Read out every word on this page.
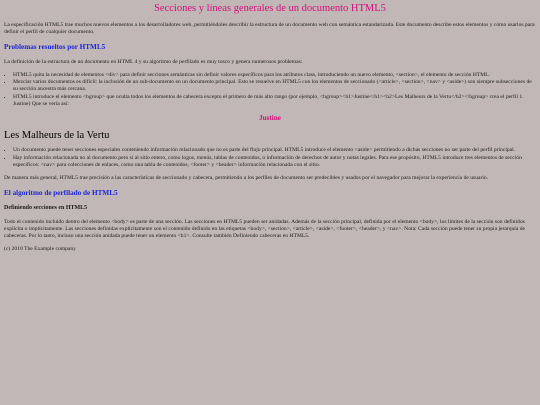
Secciones y líneas generales de un documento HTML5

La especificación HTML5 trae muchos nuevos elementos a los desarrolladores web, permitiéndoles describir la estructura de un documento web con semántica estandarizada. Este documento describe estos elementos y cómo usarlos para definir el perfil de cualquier documento.

Problemas resueltos por HTML5

La definición de la estructura de un documento en HTML 4 y su algoritmo de perfilado es muy tosco y genera numerosos problemas:

• HTML5 quita la necesidad de elementos <div> para definir secciones semánticas sin definir valores específicos para los atributos class, introduciendo un nuevo elemento, <section>, el elemento de sección HTML.
• Mezclar varios documentos es difícil: la inclusión de un sub-documento en un documento principal. Esto se resuelve en HTML5 con los elementos de seccionado (<article>, <section>, <nav> y <aside>) son siempre subsecciones de su sección ancestra más cercana.
• HTML5 introduce el elemento <hgroup> que oculta todos los elementos de cabecera excepto el primero de más alto rango (por ejemplo, <hgroup><h1>Justine</h1><h2>Les Malheurs de la Vertu</h2></hgroup> crea el perfil 1. Justine) Que se vería así:
Justine
Les Malheurs de la Vertu
• Un documento puede tener secciones especiales conteniendo información relacionado que no es parte del flujo principal. HTML5 introduce el elemento <aside> permitiendo a dichas secciones no ser parte del perfil principal.
• Hay información relacionada no al documento pero si al sitio entero, como logos, menús, tablas de contenidos, o información de derechos de autor y notas legales. Para ese propósito, HTML5 introduce tres elementos de sección específicos: <nav> para colecciones de enlaces, como una tabla de contenidos, <footer> y <header> información relacionada con el sitio.

De manera más general, HTML5 trae precisión a las características de seccionado y cabecera, permitiendo a los perfiles de documento ser predecibles y usados por el navegador para mejorar la experiencia de usuario.

El algoritmo de perfilado de HTML5
Definiendo secciones en HTML5

Todo el contenido incluido dentro del elemento <body> es parte de una sección. Las secciones en HTML5 pueden ser anidadas. Además de la sección principal, definida por el elemento <body>, los límites de la sección son definidos explícita o implícitamente. Las secciones definidas explícitamente son el contenido definido en las etiquetas <body>, <section>, <article>, <aside>, <footer>, <header>, y <nav>. Nota: Cada sección puede tener su propia jerarquía de cabeceras. Por lo tanto, incluso una sección anidada puede tener un elemento <h1>. Consulte también Definiendo cabeceras en HTML5.

(c) 2010 The Example company
